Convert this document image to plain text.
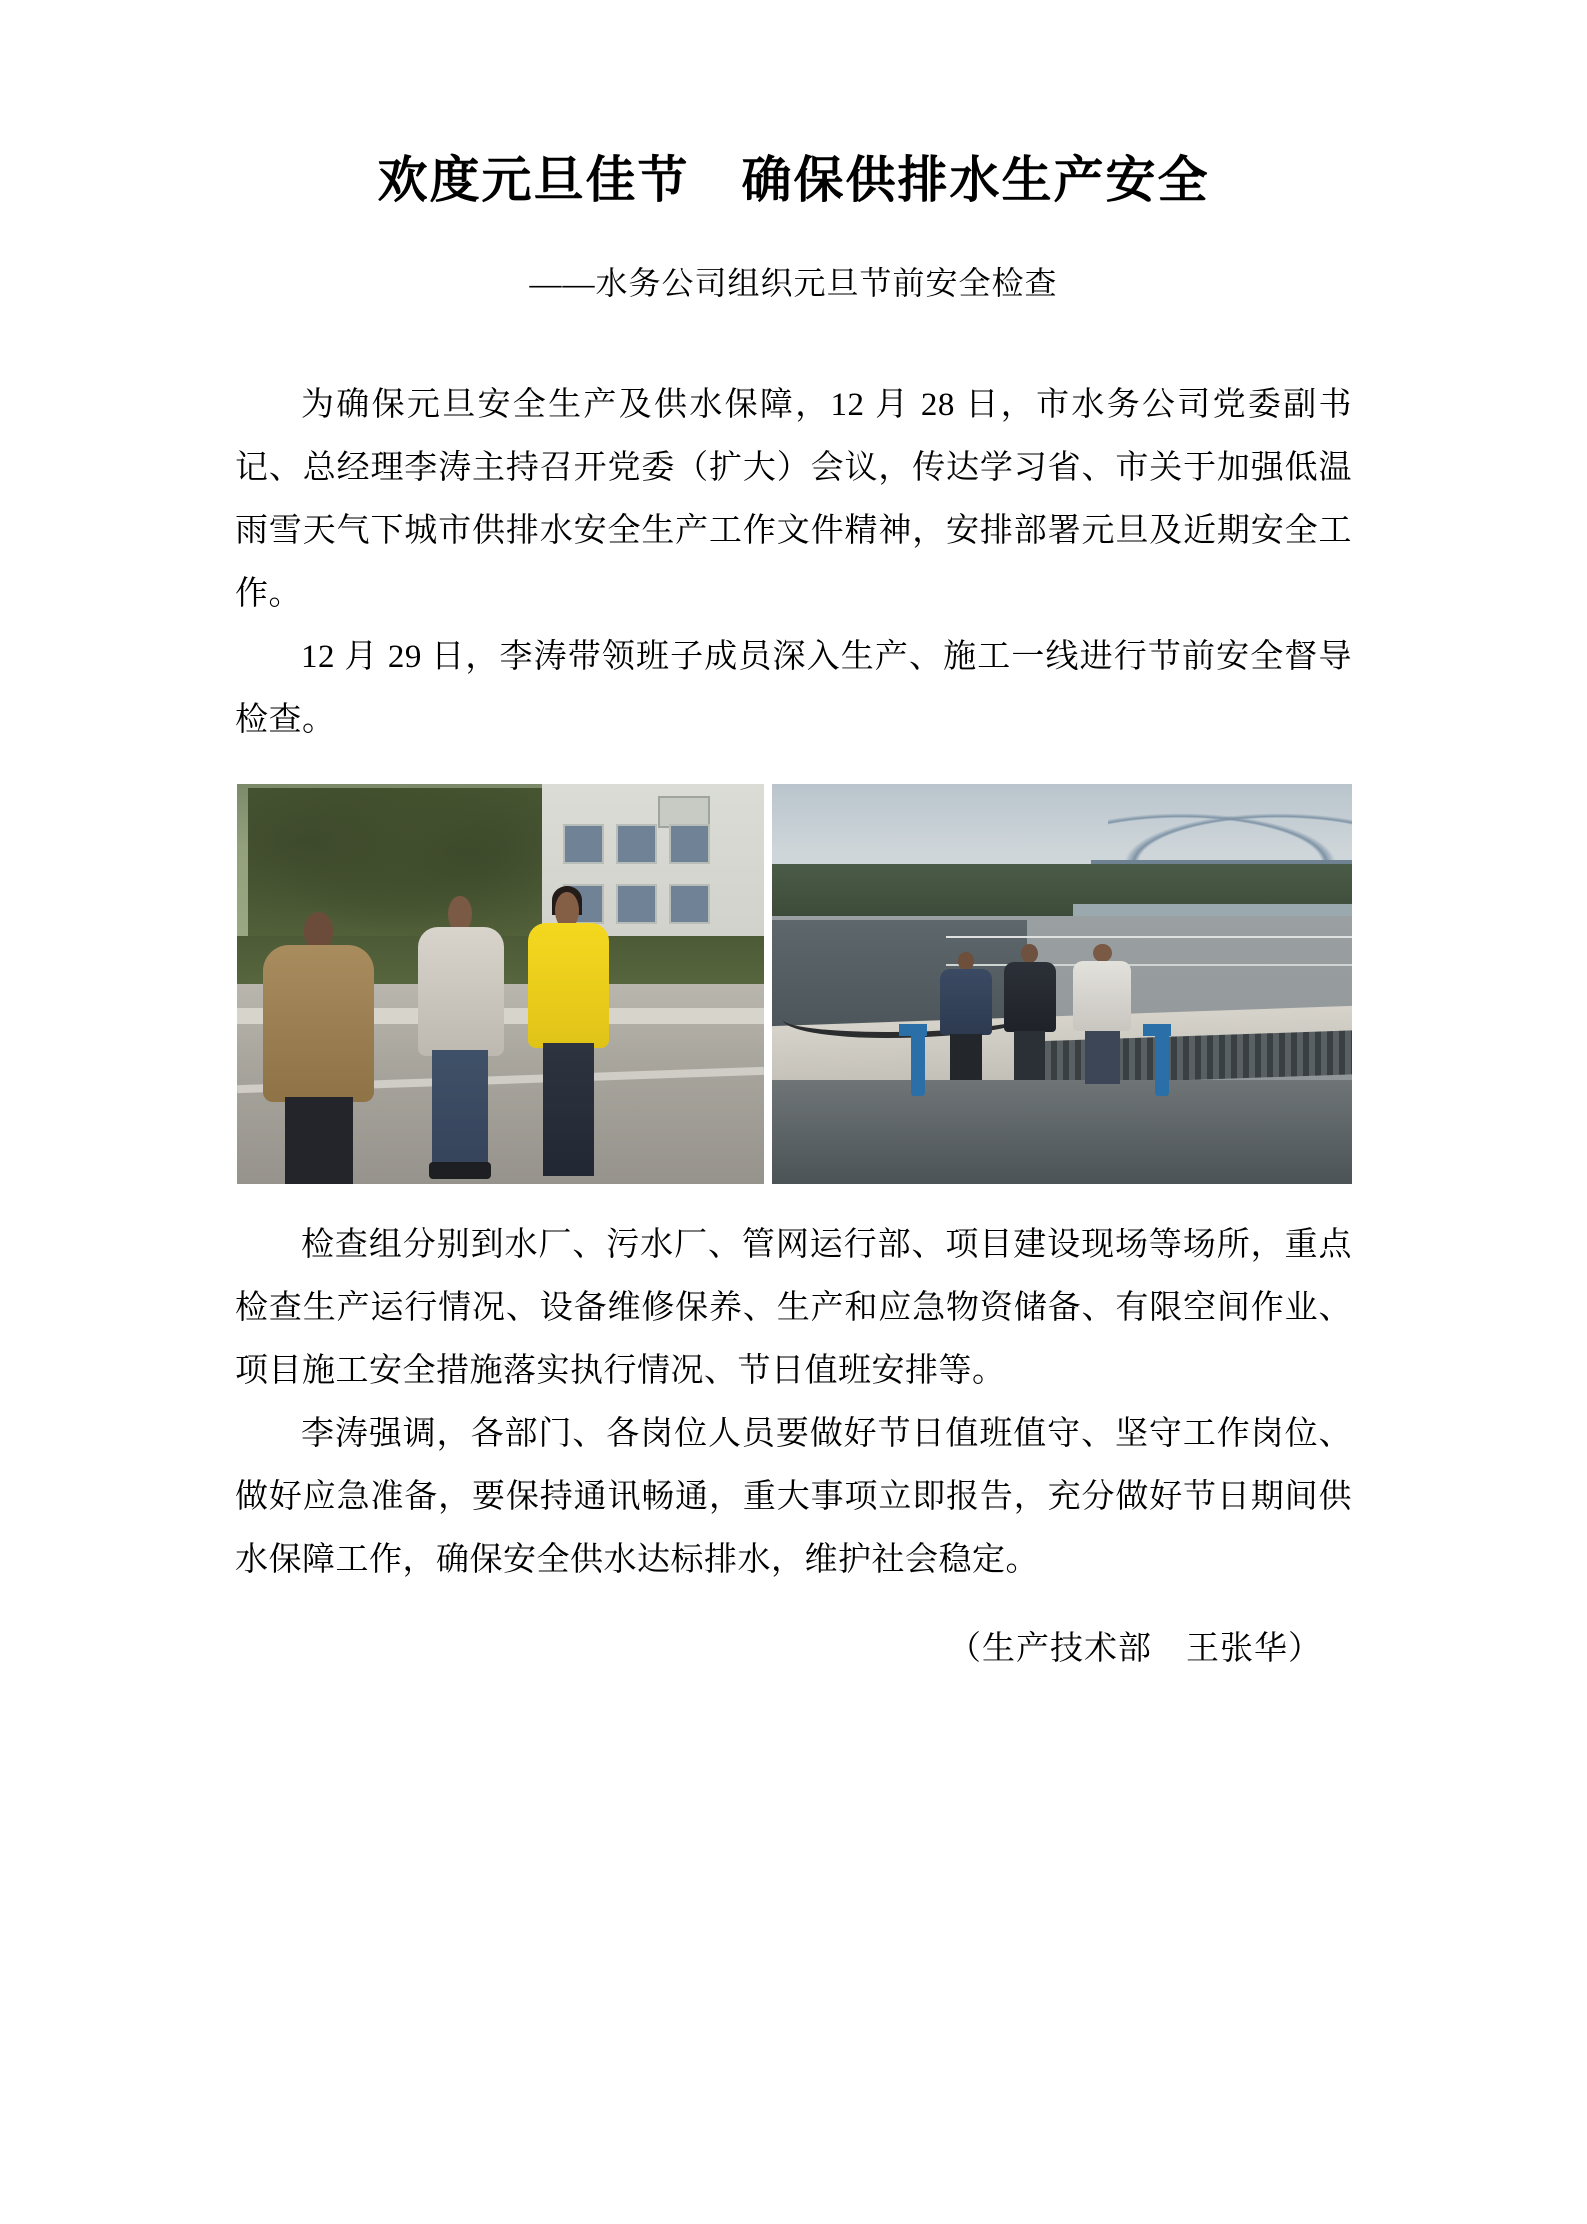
欢度元旦佳节　确保供排水生产安全
——水务公司组织元旦节前安全检查

为确保元旦安全生产及供水保障，12 月 28 日，市水务公司党委副书记、总经理李涛主持召开党委（扩大）会议，传达学习省、市关于加强低温雨雪天气下城市供排水安全生产工作文件精神，安排部署元旦及近期安全工作。

12 月 29 日，李涛带领班子成员深入生产、施工一线进行节前安全督导检查。

检查组分别到水厂、污水厂、管网运行部、项目建设现场等场所，重点检查生产运行情况、设备维修保养、生产和应急物资储备、有限空间作业、项目施工安全措施落实执行情况、节日值班安排等。

李涛强调，各部门、各岗位人员要做好节日值班值守、坚守工作岗位、做好应急准备，要保持通讯畅通，重大事项立即报告，充分做好节日期间供水保障工作，确保安全供水达标排水，维护社会稳定。

（生产技术部　王张华）
